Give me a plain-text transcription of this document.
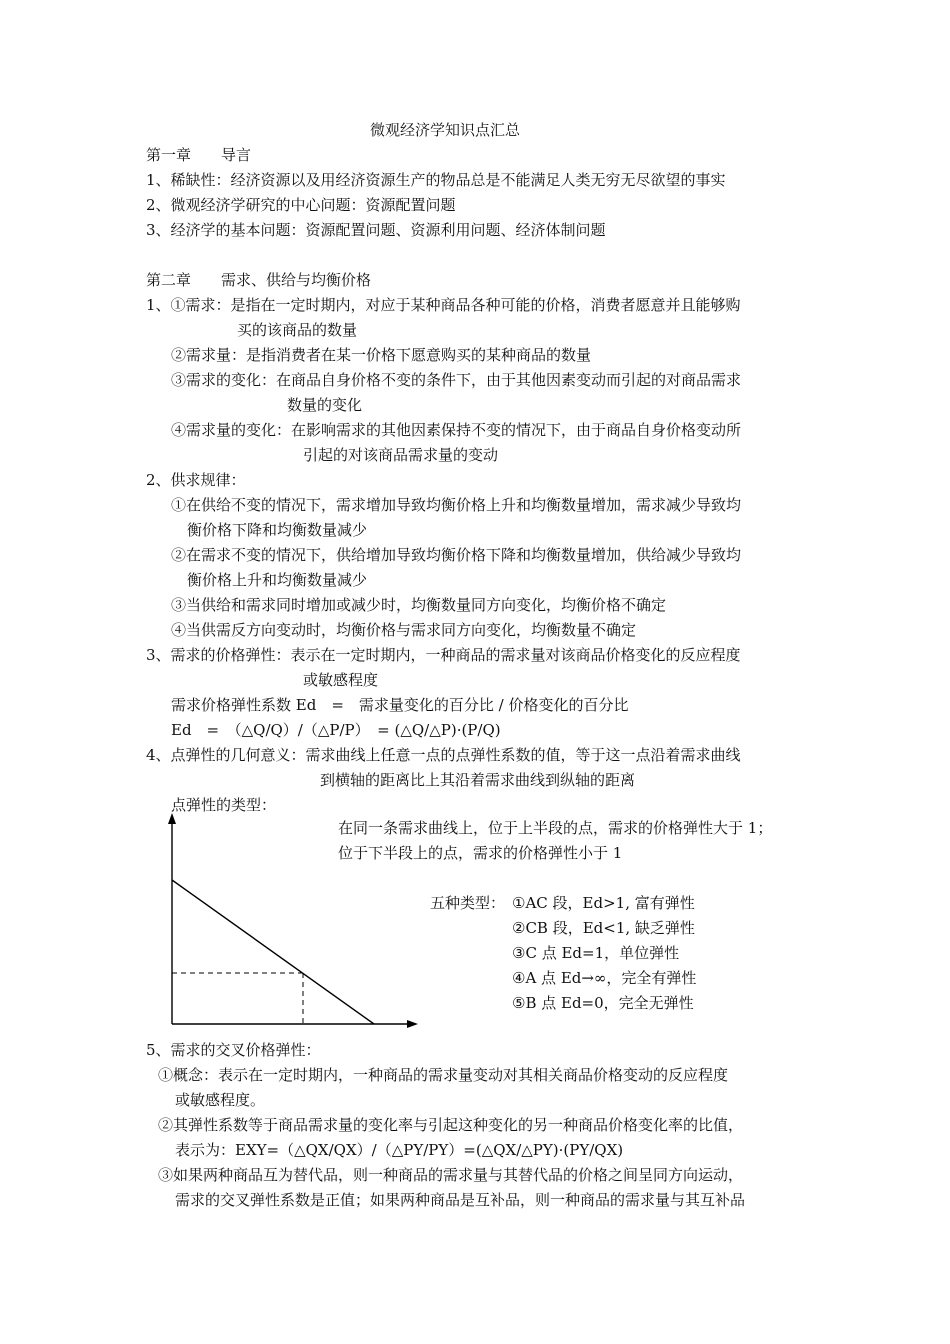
微观经济学知识点汇总
第一章　　导言
1、稀缺性：经济资源以及用经济资源生产的物品总是不能满足人类无穷无尽欲望的事实
2、微观经济学研究的中心问题：资源配置问题
3、经济学的基本问题：资源配置问题、资源利用问题、经济体制问题
第二章　　需求、供给与均衡价格
1、①需求：是指在一定时期内，对应于某种商品各种可能的价格，消费者愿意并且能够购
买的该商品的数量
②需求量：是指消费者在某一价格下愿意购买的某种商品的数量
③需求的变化：在商品自身价格不变的条件下，由于其他因素变动而引起的对商品需求
数量的变化
④需求量的变化：在影响需求的其他因素保持不变的情况下，由于商品自身价格变动所
引起的对该商品需求量的变动
2、供求规律：
①在供给不变的情况下，需求增加导致均衡价格上升和均衡数量增加，需求减少导致均
衡价格下降和均衡数量减少
②在需求不变的情况下，供给增加导致均衡价格下降和均衡数量增加，供给减少导致均
衡价格上升和均衡数量减少
③当供给和需求同时增加或减少时，均衡数量同方向变化，均衡价格不确定
④当供需反方向变动时，均衡价格与需求同方向变化，均衡数量不确定
3、需求的价格弹性：表示在一定时期内，一种商品的需求量对该商品价格变化的反应程度
或敏感程度
需求价格弹性系数 Ed　=　需求量变化的百分比 / 价格变化的百分比
Ed　=　（△Q/Q）/（△P/P）　= (△Q/△P)·(P/Q)
4、点弹性的几何意义：需求曲线上任意一点的点弹性系数的值，等于这一点沿着需求曲线
到横轴的距离比上其沿着需求曲线到纵轴的距离
点弹性的类型：
在同一条需求曲线上，位于上半段的点，需求的价格弹性大于 1；
位于下半段上的点，需求的价格弹性小于 1
五种类型： ①AC 段，Ed>1, 富有弹性
②CB 段，Ed<1, 缺乏弹性
③C 点 Ed=1，单位弹性
④A 点 Ed→∞，完全有弹性
⑤B 点 Ed=0，完全无弹性
5、需求的交叉价格弹性：
①概念：表示在一定时期内，一种商品的需求量变动对其相关商品价格变动的反应程度
或敏感程度。
②其弹性系数等于商品需求量的变化率与引起这种变化的另一种商品价格变化率的比值，
表示为：EXY=（△QX/QX）/（△PY/PY）=(△QX/△PY)·(PY/QX)
③如果两种商品互为替代品，则一种商品的需求量与其替代品的价格之间呈同方向运动，
需求的交叉弹性系数是正值；如果两种商品是互补品，则一种商品的需求量与其互补品
